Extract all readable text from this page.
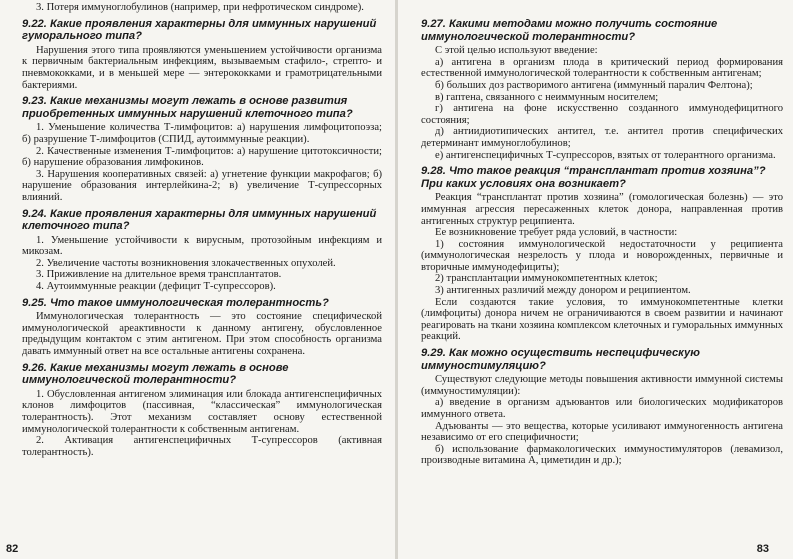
3. Потеря иммуноглобулинов (например, при нефротическом синдроме).
9.22. Какие проявления характерны для иммунных нарушений гуморального типа?
Нарушения этого типа проявляются уменьшением устойчивости организма к первичным бактериальным инфекциям, вызываемым стафило-, стрепто- и пневмококками, и в меньшей мере — энтерококками и грамотрицательными бактериями.
9.23. Какие механизмы могут лежать в основе развития приобретенных иммунных нарушений клеточного типа?
1. Уменьшение количества Т-лимфоцитов: а) нарушения лимфоцитопоэза; б) разрушение Т-лимфоцитов (СПИД, аутоиммунные реакции).
2. Качественные изменения Т-лимфоцитов: а) нарушение цитотоксичности; б) нарушение образования лимфокинов.
3. Нарушения кооперативных связей: а) угнетение функции макрофагов; б) нарушение образования интерлейкина-2; в) увеличение Т-супрессорных влияний.
9.24. Какие проявления характерны для иммунных нарушений клеточного типа?
1. Уменьшение устойчивости к вирусным, протозойным инфекциям и микозам.
2. Увеличение частоты возникновения злокачественных опухолей.
3. Приживление на длительное время трансплантатов.
4. Аутоиммунные реакции (дефицит Т-супрессоров).
9.25. Что такое иммунологическая толерантность?
Иммунологическая толерантность — это состояние специфической иммунологической ареактивности к данному антигену, обусловленное предыдущим контактом с этим антигеном. При этом способность организма давать иммунный ответ на все остальные антигены сохранена.
9.26. Какие механизмы могут лежать в основе иммунологической толерантности?
1. Обусловленная антигеном элиминация или блокада антигенспецифичных клонов лимфоцитов (пассивная, “классическая” иммунологическая толерантность). Этот механизм составляет основу естественной иммунологической толерантности к собственным антигенам.
2. Активация антигенспецифичных Т-супрессоров (активная толерантность).
82
9.27. Какими методами можно получить состояние иммунологической толерантности?
С этой целью используют введение:
а) антигена в организм плода в критический период формирования естественной иммунологической толерантности к собственным антигенам;
б) больших доз растворимого антигена (иммунный паралич Фелтона);
в) гаптена, связанного с неиммунным носителем;
г) антигена на фоне искусственно созданного иммунодефицитного состояния;
д) антиидиотипических антител, т.е. антител против специфических детерминант иммуноглобулинов;
е) антигенспецифичных Т-супрессоров, взятых от толерантного организма.
9.28. Что такое реакция “трансплантат против хозяина”? При каких условиях она возникает?
Реакция “трансплантат против хозяина” (гомологическая болезнь) — это иммунная агрессия пересаженных клеток донора, направленная против антигенных структур реципиента.
Ее возникновение требует ряда условий, в частности:
1) состояния иммунологической недостаточности у реципиента (иммунологическая незрелость у плода и новорожденных, первичные и вторичные иммунодефициты);
2) трансплантации иммунокомпетентных клеток;
3) антигенных различий между донором и реципиентом.
Если создаются такие условия, то иммунокомпетентные клетки (лимфоциты) донора ничем не ограничиваются в своем развитии и начинают реагировать на ткани хозяина комплексом клеточных и гуморальных иммунных реакций.
9.29. Как можно осуществить неспецифическую иммуностимуляцию?
Существуют следующие методы повышения активности иммунной системы (иммуностимуляции):
а) введение в организм адъювантов или биологических модификаторов иммунного ответа.
Адъюванты — это вещества, которые усиливают иммуногенность антигена независимо от его специфичности;
б) использование фармакологических иммуностимуляторов (левамизол, производные витамина А, циметидин и др.);
83
